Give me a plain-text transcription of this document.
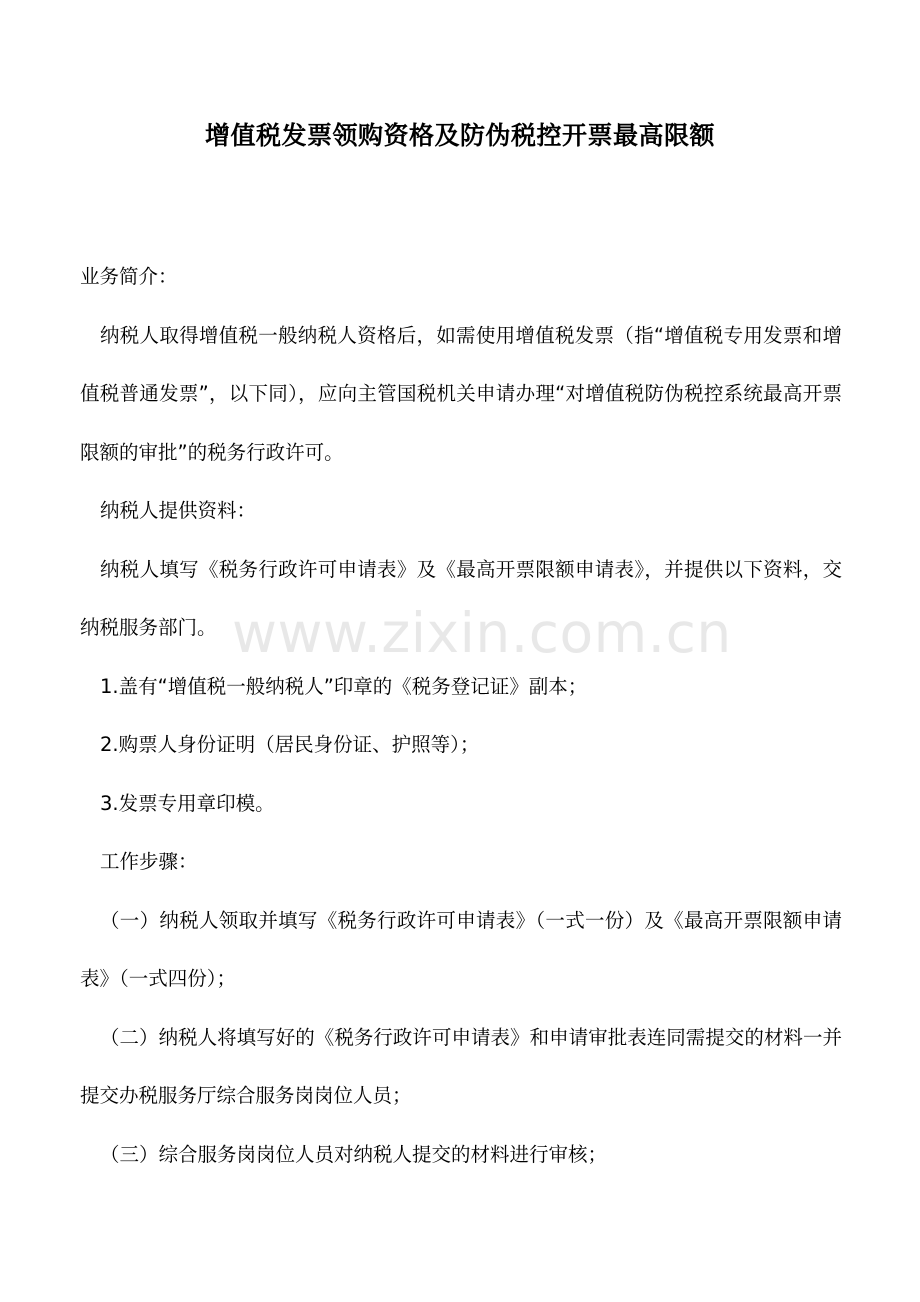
增值税发票领购资格及防伪税控开票最高限额

业务简介：

纳税人取得增值税一般纳税人资格后，如需使用增值税发票（指“增值税专用发票和增值税普通发票”，以下同），应向主管国税机关申请办理“对增值税防伪税控系统最高开票限额的审批”的税务行政许可。

纳税人提供资料：

纳税人填写《税务行政许可申请表》及《最高开票限额申请表》，并提供以下资料，交纳税服务部门。

1.盖有“增值税一般纳税人”印章的《税务登记证》副本；

2.购票人身份证明（居民身份证、护照等）；

3.发票专用章印模。

工作步骤：

（一）纳税人领取并填写《税务行政许可申请表》（一式一份）及《最高开票限额申请表》（一式四份）；

（二）纳税人将填写好的《税务行政许可申请表》和申请审批表连同需提交的材料一并提交办税服务厅综合服务岗岗位人员；

（三）综合服务岗岗位人员对纳税人提交的材料进行审核；

www.zixin.com.cn
